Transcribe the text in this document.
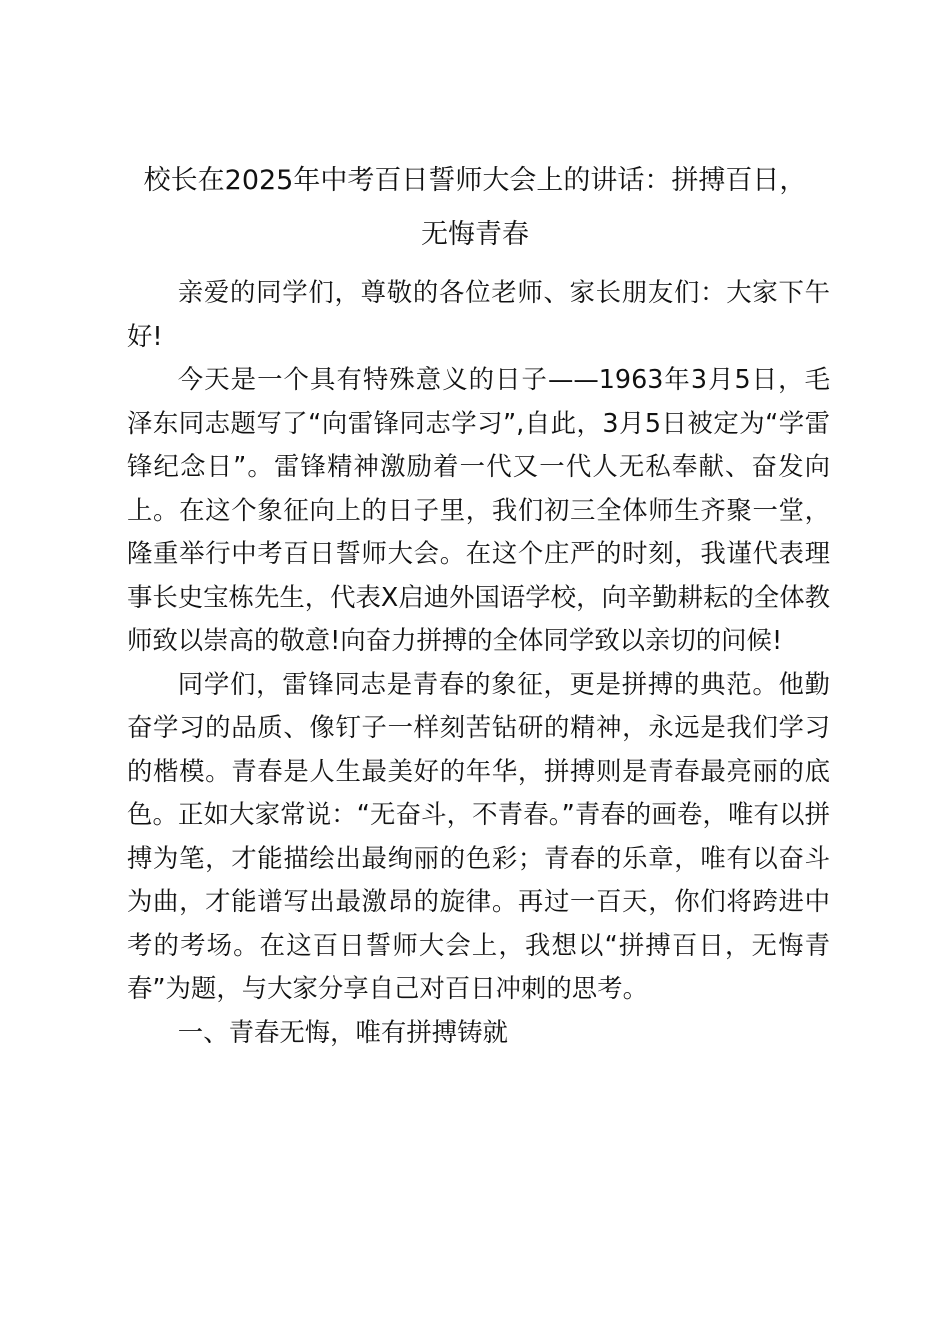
校长在2025年中考百日誓师大会上的讲话：拼搏百日，
无悔青春

亲爱的同学们，尊敬的各位老师、家长朋友们：大家下午好!

今天是一个具有特殊意义的日子——1963年3月5日，毛泽东同志题写了“向雷锋同志学习”,自此，3月5日被定为“学雷锋纪念日”。雷锋精神激励着一代又一代人无私奉献、奋发向上。在这个象征向上的日子里，我们初三全体师生齐聚一堂，隆重举行中考百日誓师大会。在这个庄严的时刻，我谨代表理事长史宝栋先生，代表X启迪外国语学校，向辛勤耕耘的全体教师致以崇高的敬意!向奋力拼搏的全体同学致以亲切的问候!

同学们，雷锋同志是青春的象征，更是拼搏的典范。他勤奋学习的品质、像钉子一样刻苦钻研的精神，永远是我们学习的楷模。青春是人生最美好的年华，拼搏则是青春最亮丽的底色。正如大家常说：“无奋斗，不青春。”青春的画卷，唯有以拼搏为笔，才能描绘出最绚丽的色彩；青春的乐章，唯有以奋斗为曲，才能谱写出最激昂的旋律。再过一百天，你们将跨进中考的考场。在这百日誓师大会上，我想以“拼搏百日，无悔青春”为题，与大家分享自己对百日冲刺的思考。

一、青春无悔，唯有拼搏铸就
